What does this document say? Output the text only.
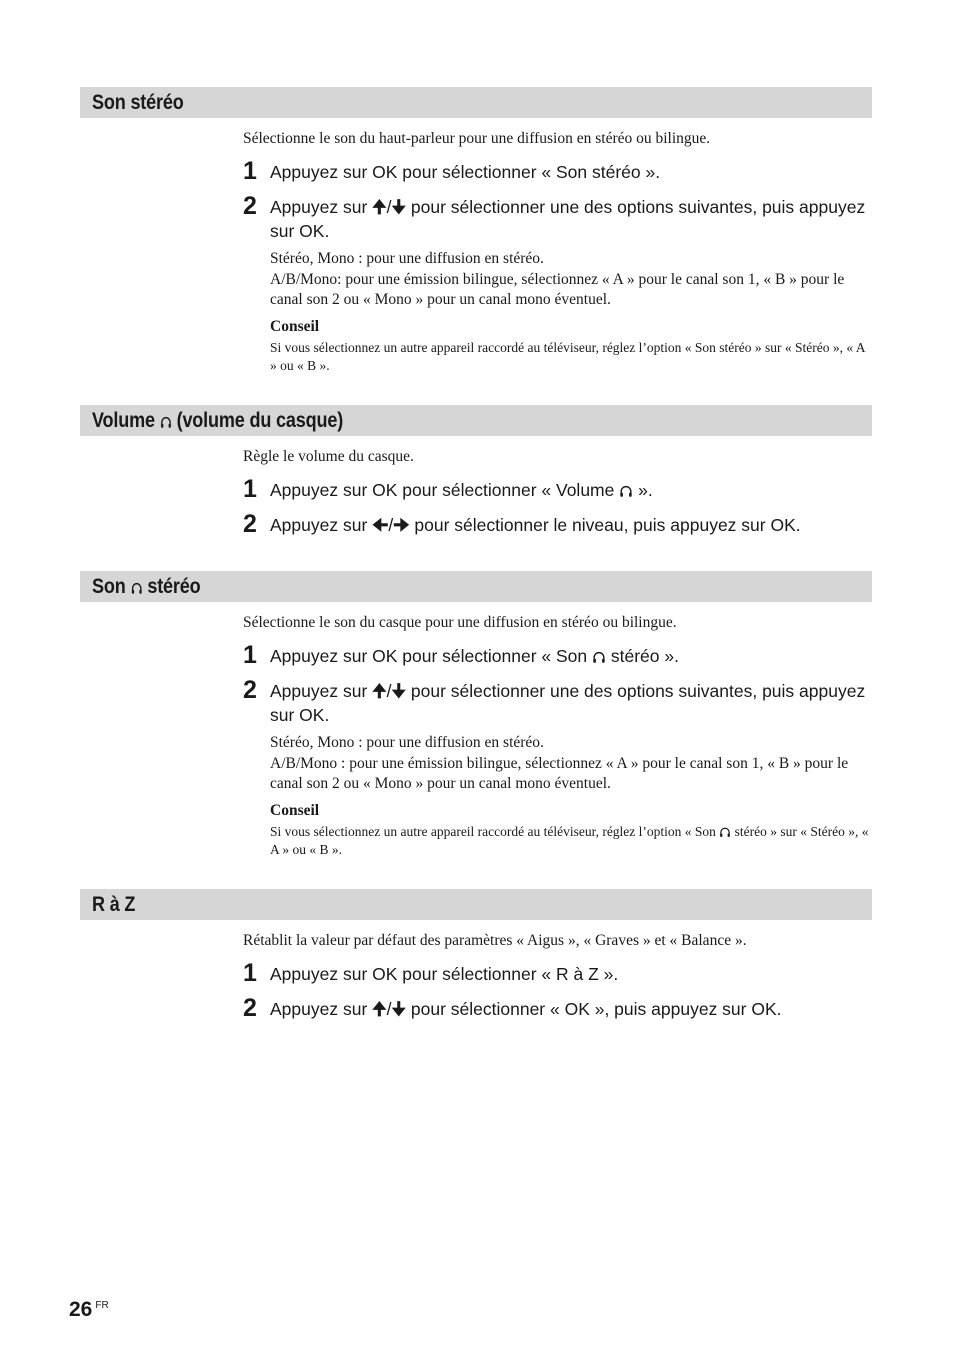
Son stéréo
Sélectionne le son du haut-parleur pour une diffusion en stéréo ou bilingue.
1 Appuyez sur OK pour sélectionner « Son stéréo ».
2 Appuyez sur 🠉/🠋 pour sélectionner une des options suivantes, puis appuyez sur OK.
Stéréo, Mono : pour une diffusion en stéréo.
A/B/Mono: pour une émission bilingue, sélectionnez « A » pour le canal son 1, « B » pour le canal son 2 ou « Mono » pour un canal mono éventuel.
Conseil
Si vous sélectionnez un autre appareil raccordé au téléviseur, réglez l’option « Son stéréo » sur « Stéréo », « A » ou « B ».
Volume
(volume du casque)
Règle le volume du casque.
1 Appuyez sur OK pour sélectionner « Volume
».
2 Appuyez sur 🠈/🠊 pour sélectionner le niveau, puis appuyez sur OK.
Son
stéréo
Sélectionne le son du casque pour une diffusion en stéréo ou bilingue.
1 Appuyez sur OK pour sélectionner « Son
stéréo ».
2 Appuyez sur 🠉/🠋 pour sélectionner une des options suivantes, puis appuyez sur OK.
Stéréo, Mono : pour une diffusion en stéréo.
A/B/Mono : pour une émission bilingue, sélectionnez « A » pour le canal son 1, « B » pour le canal son 2 ou « Mono » pour un canal mono éventuel.
Conseil
Si vous sélectionnez un autre appareil raccordé au téléviseur, réglez l’option « Son
stéréo » sur « Stéréo », « A » ou « B ».
R à Z
Rétablit la valeur par défaut des paramètres « Aigus », « Graves » et « Balance ».
1 Appuyez sur OK pour sélectionner « R à Z ».
2 Appuyez sur 🠉/🠋 pour sélectionner « OK », puis appuyez sur OK.
26 $^{FR}$
